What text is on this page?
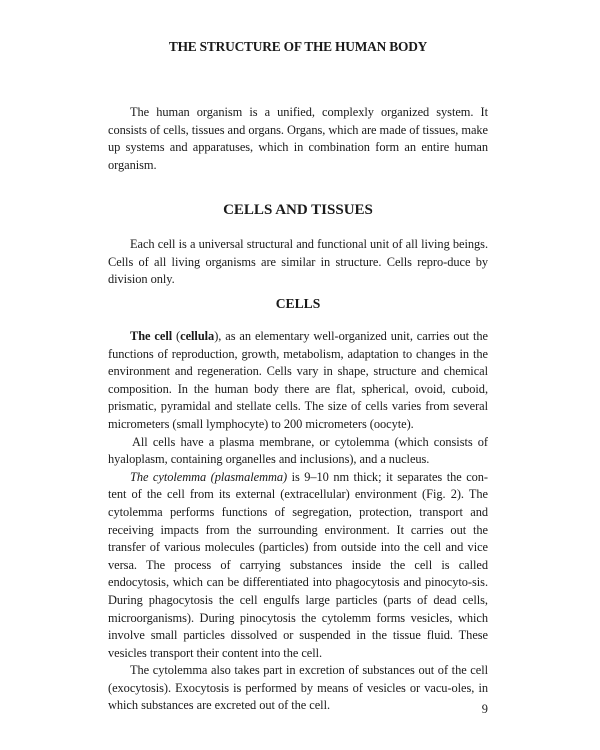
THE STRUCTURE OF THE HUMAN BODY

The human organism is a unified, complexly organized system. It consists of cells, tissues and organs. Organs, which are made of tissues, make up systems and apparatuses, which in combination form an entire human organism.

CELLS AND TISSUES

Each cell is a universal structural and functional unit of all living beings. Cells of all living organisms are similar in structure. Cells repro-duce by division only.

CELLS

The cell (cellula), as an elementary well-organized unit, carries out the functions of reproduction, growth, metabolism, adaptation to changes in the environment and regeneration. Cells vary in shape, structure and chemical composition. In the human body there are flat, spherical, ovoid, cuboid, prismatic, pyramidal and stellate cells. The size of cells varies from several micrometers (small lymphocyte) to 200 micrometers (oocyte).

All cells have a plasma membrane, or cytolemma (which consists of hyaloplasm, containing organelles and inclusions), and a nucleus.

The cytolemma (plasmalemma) is 9–10 nm thick; it separates the con-tent of the cell from its external (extracellular) environment (Fig. 2). The cytolemma performs functions of segregation, protection, transport and receiving impacts from the surrounding environment. It carries out the transfer of various molecules (particles) from outside into the cell and vice versa. The process of carrying substances inside the cell is called endocytosis, which can be differentiated into phagocytosis and pinocyto-sis. During phagocytosis the cell engulfs large particles (parts of dead cells, microorganisms). During pinocytosis the cytolemm forms vesicles, which involve small particles dissolved or suspended in the tissue fluid. These vesicles transport their content into the cell.

The cytolemma also takes part in excretion of substances out of the cell (exocytosis). Exocytosis is performed by means of vesicles or vacu-oles, in which substances are excreted out of the cell.	9
